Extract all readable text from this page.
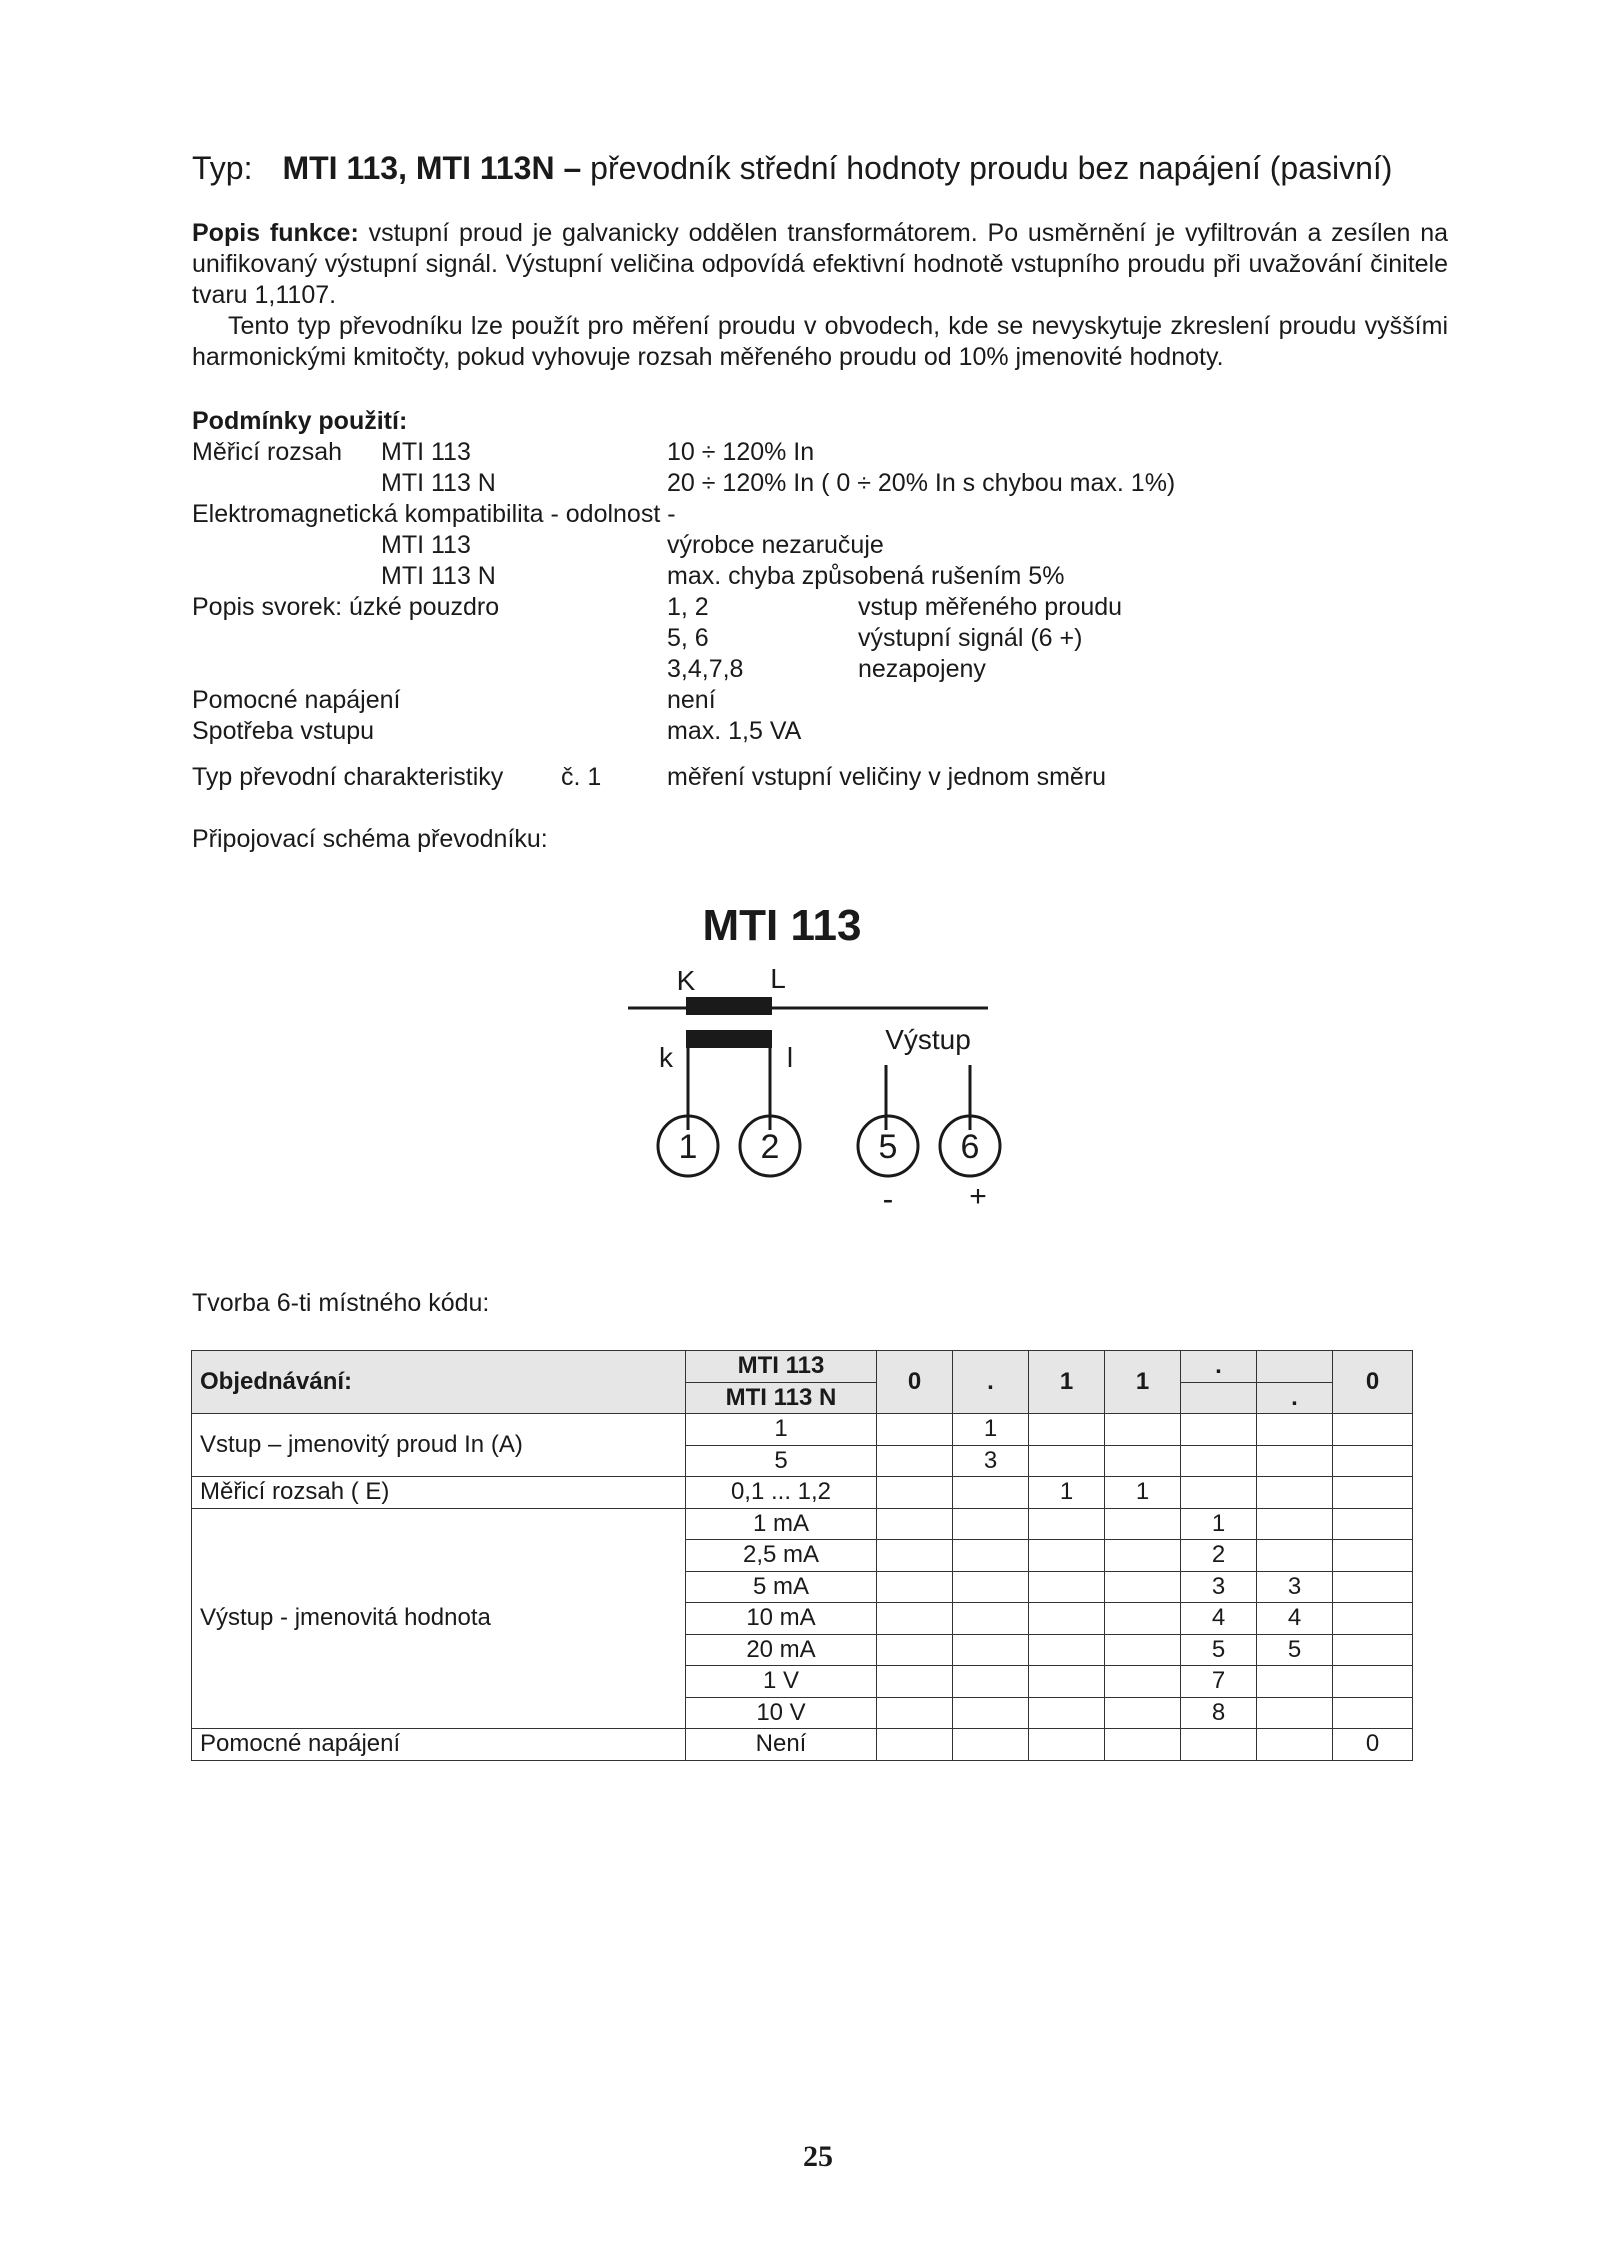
Typ: MTI 113, MTI 113N – převodník střední hodnoty proudu bez napájení (pasivní)
Popis funkce: vstupní proud je galvanicky oddělen transformátorem. Po usměrnění je vyfiltrován a zesílen na unifikovaný výstupní signál. Výstupní veličina odpovídá efektivní hodnotě vstupního proudu při uvažování činitele tvaru 1,1107.
Tento typ převodníku lze použít pro měření proudu v obvodech, kde se nevyskytuje zkreslení proudu vyššími harmonickými kmitočty, pokud vyhovuje rozsah měřeného proudu od 10% jmenovité hodnoty.
Podmínky použití:
Měřicí rozsah MTI 113	10 ÷ 120% In
MTI 113 N	20 ÷ 120% In ( 0 ÷ 20% In s chybou max. 1%)
Elektromagnetická kompatibilita - odolnost -
MTI 113	výrobce nezaručuje
MTI 113 N	max. chyba způsobená rušením 5%
Popis svorek: úzké pouzdro	1, 2	vstup měřeného proudu
5, 6	výstupní signál (6 +)
3,4,7,8	nezapojeny
Pomocné napájení	není
Spotřeba vstupu	max. 1,5 VA
Typ převodní charakteristiky č. 1	měření vstupní veličiny v jednom směru
Připojovací schéma převodníku:
MTI 113
K	L
k	l
Výstup
1 2	5 6
-	+
Tvorba 6-ti místného kódu:
Objednávání:	MTI 113	0	.	1	1	.		0
	MTI 113 N						.	
Vstup – jmenovitý proud In (A)	1		1					
	5		3					
Měřicí rozsah ( E)	0,1 ... 1,2			1	1			
Výstup - jmenovitá hodnota	1 mA					1		
	2,5 mA					2		
	5 mA					3	3	
	10 mA					4	4	
	20 mA					5	5	
	1 V					7		
	10 V					8		
Pomocné napájení	Není							0
25
